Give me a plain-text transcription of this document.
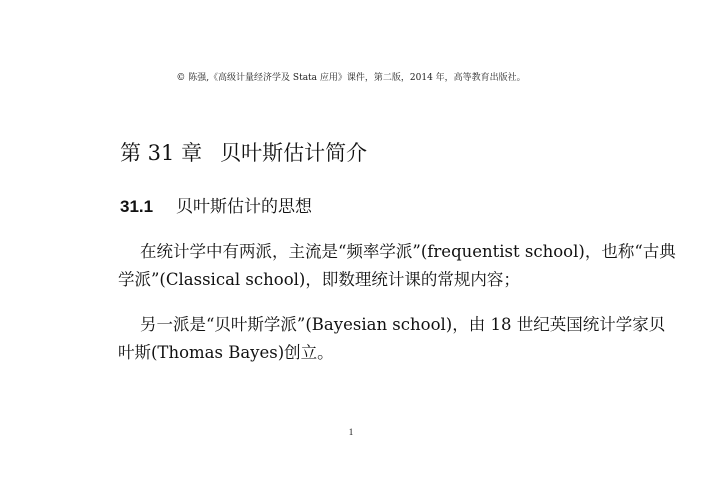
© 陈强,《高级计量经济学及 Stata 应用》课件，第二版，2014 年，高等教育出版社。
第 31 章 贝叶斯估计简介
31.1 贝叶斯估计的思想

在统计学中有两派，主流是“频率学派”(frequentist school)，也称“古典学派”(Classical school)，即数理统计课的常规内容；

另一派是“贝叶斯学派”(Bayesian school)，由 18 世纪英国统计学家贝叶斯(Thomas Bayes)创立。

1
